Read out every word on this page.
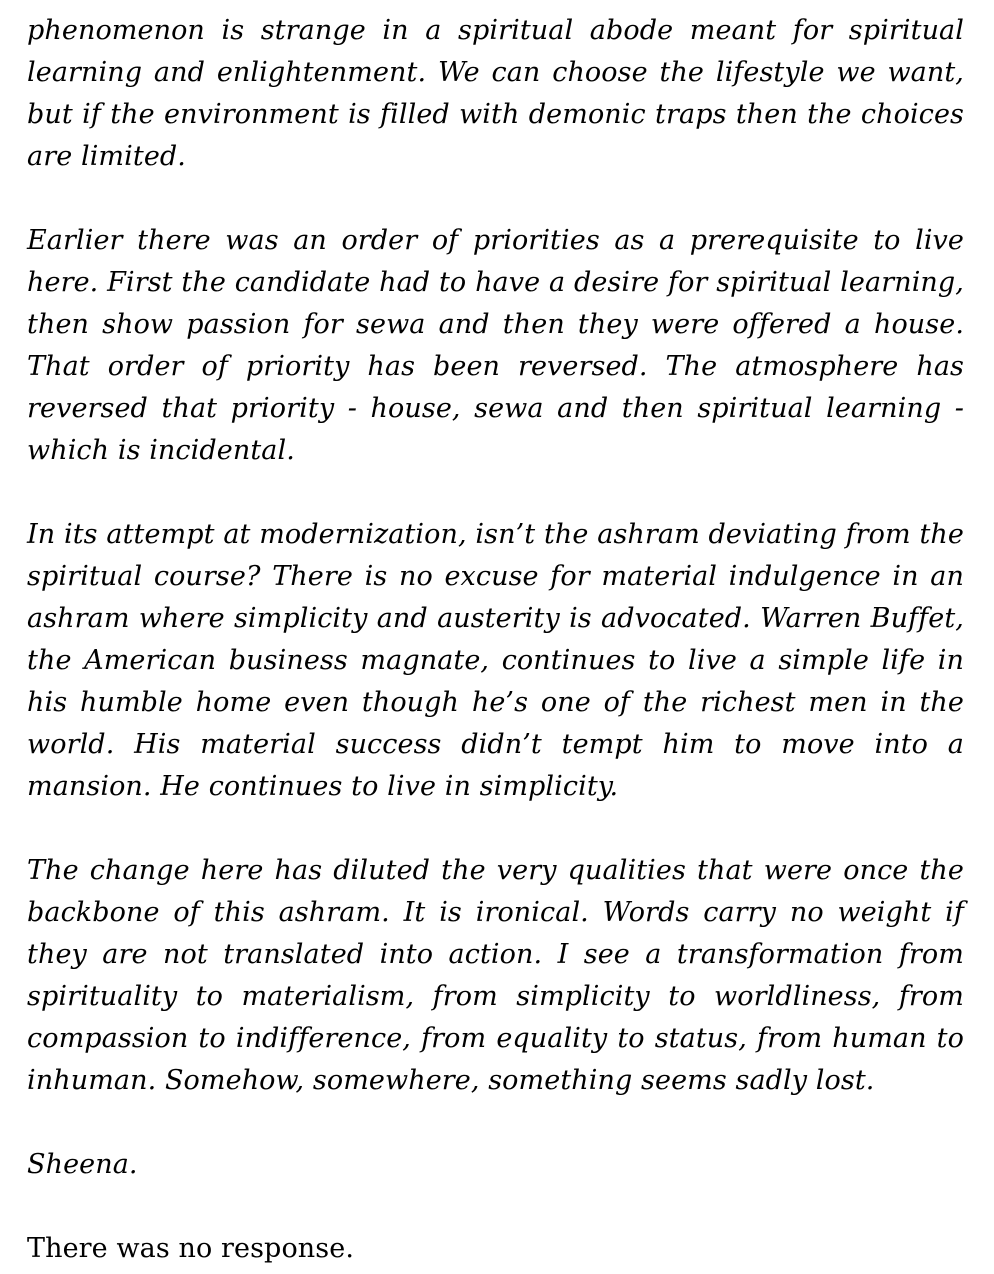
phenomenon is strange in a spiritual abode meant for spiritual learning and enlightenment. We can choose the lifestyle we want, but if the environment is filled with demonic traps then the choices are limited.

Earlier there was an order of priorities as a prerequisite to live here. First the candidate had to have a desire for spiritual learning, then show passion for sewa and then they were offered a house. That order of priority has been reversed. The atmosphere has reversed that priority - house, sewa and then spiritual learning - which is incidental.

In its attempt at modernization, isn’t the ashram deviating from the spiritual course? There is no excuse for material indulgence in an ashram where simplicity and austerity is advocated. Warren Buffet, the American business magnate, continues to live a simple life in his humble home even though he’s one of the richest men in the world. His material success didn’t tempt him to move into a mansion. He continues to live in simplicity.

The change here has diluted the very qualities that were once the backbone of this ashram. It is ironical. Words carry no weight if they are not translated into action. I see a transformation from spirituality to materialism, from simplicity to worldliness, from compassion to indifference, from equality to status, from human to inhuman. Somehow, somewhere, something seems sadly lost.

Sheena.

There was no response.
